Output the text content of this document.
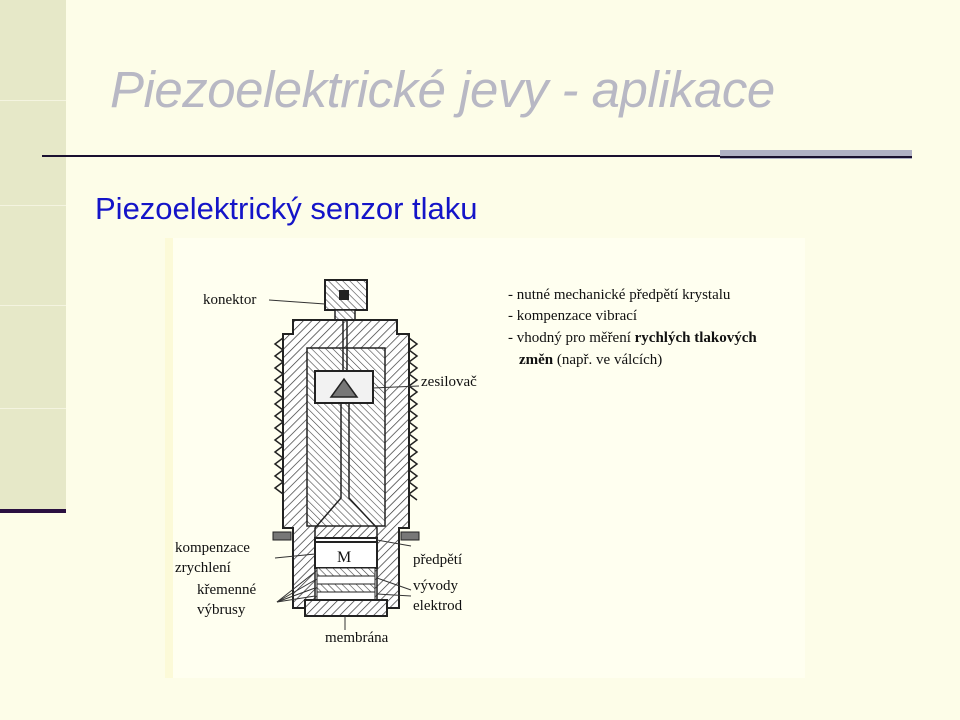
Piezoelektrické jevy - aplikace
Piezoelektrický senzor tlaku
konektor
zesilovač
kompenzace
zrychlení
křemenné
výbrusy
předpětí
vývody
elektrod
membrána
M
- nutné mechanické předpětí krystalu
- kompenzace vibrací
- vhodný pro měření rychlých tlakových
změn (např. ve válcích)
